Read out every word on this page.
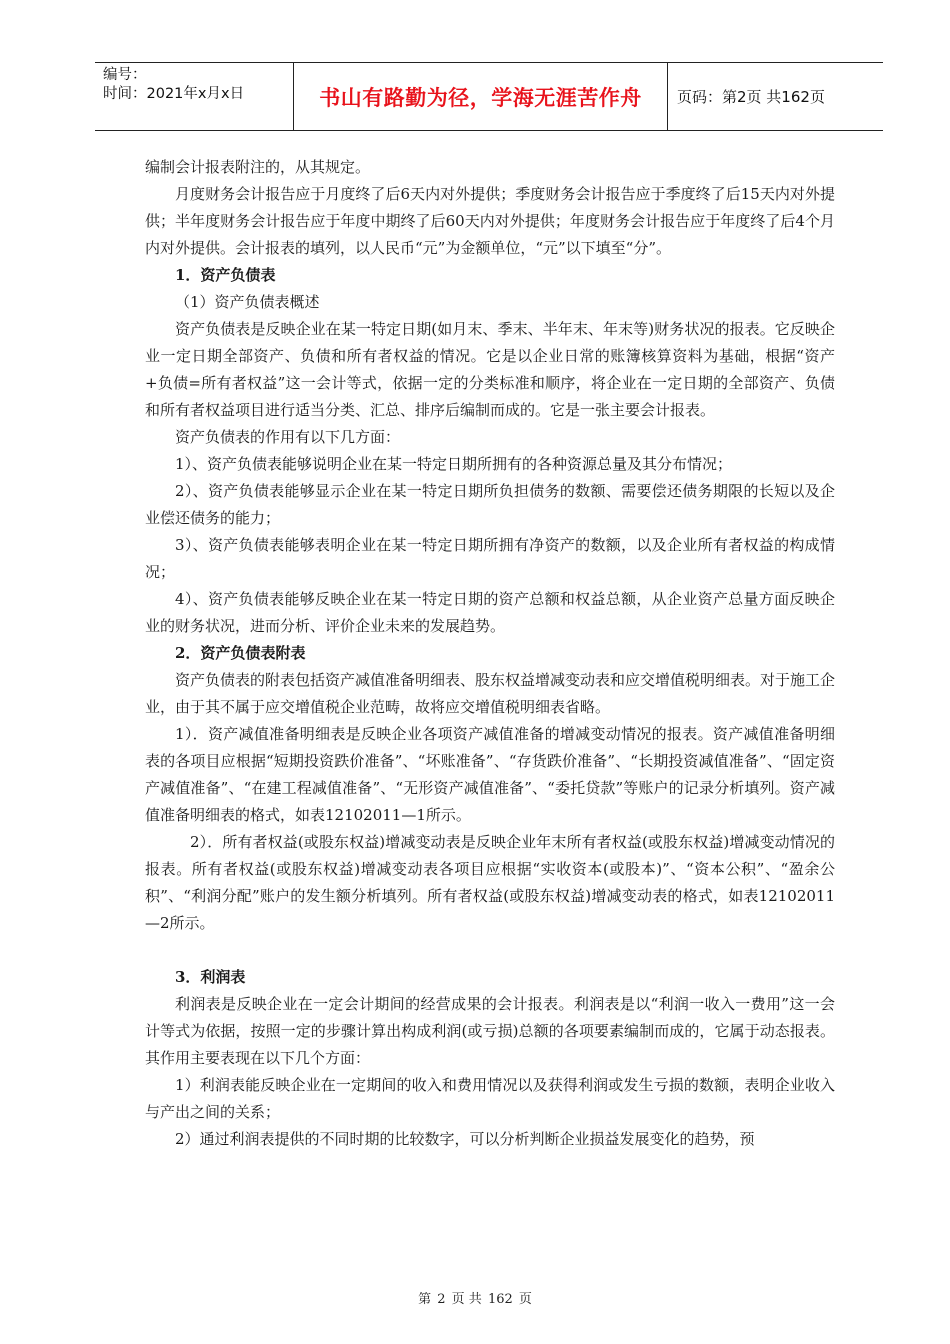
编号：
时间：2021年x月x日	书山有路勤为径，学海无涯苦作舟	页码：第2页 共162页

编制会计报表附注的，从其规定。

月度财务会计报告应于月度终了后6天内对外提供；季度财务会计报告应于季度终了后15天内对外提供；半年度财务会计报告应于年度中期终了后60天内对外提供；年度财务会计报告应于年度终了后4个月内对外提供。会计报表的填列，以人民币“元”为金额单位，“元”以下填至“分”。

1．资产负债表

（1）资产负债表概述

资产负债表是反映企业在某一特定日期(如月末、季末、半年末、年末等)财务状况的报表。它反映企业一定日期全部资产、负债和所有者权益的情况。它是以企业日常的账簿核算资料为基础，根据“资产+负债=所有者权益”这一会计等式，依据一定的分类标准和顺序，将企业在一定日期的全部资产、负债和所有者权益项目进行适当分类、汇总、排序后编制而成的。它是一张主要会计报表。

资产负债表的作用有以下几方面：

1）、资产负债表能够说明企业在某一特定日期所拥有的各种资源总量及其分布情况；

2）、资产负债表能够显示企业在某一特定日期所负担债务的数额、需要偿还债务期限的长短以及企业偿还债务的能力；

3）、资产负债表能够表明企业在某一特定日期所拥有净资产的数额，以及企业所有者权益的构成情况；

4）、资产负债表能够反映企业在某一特定日期的资产总额和权益总额，从企业资产总量方面反映企业的财务状况，进而分析、评价企业未来的发展趋势。

2．资产负债表附表

资产负债表的附表包括资产减值准备明细表、股东权益增减变动表和应交增值税明细表。对于施工企业，由于其不属于应交增值税企业范畴，故将应交增值税明细表省略。

1）．资产减值准备明细表是反映企业各项资产减值准备的增减变动情况的报表。资产减值准备明细表的各项目应根据“短期投资跌价准备”、“坏账准备”、“存货跌价准备”、“长期投资减值准备”、“固定资产减值准备”、“在建工程减值准备”、“无形资产减值准备”、“委托贷款”等账户的记录分析填列。资产减值准备明细表的格式，如表12102011—1所示。

2）．所有者权益(或股东权益)增减变动表是反映企业年末所有者权益(或股东权益)增减变动情况的报表。所有者权益(或股东权益)增减变动表各项目应根据“实收资本(或股本)”、“资本公积”、“盈余公积”、“利润分配”账户的发生额分析填列。所有者权益(或股东权益)增减变动表的格式，如表12102011—2所示。

3．利润表

利润表是反映企业在一定会计期间的经营成果的会计报表。利润表是以“利润一收入一费用”这一会计等式为依据，按照一定的步骤计算出构成利润(或亏损)总额的各项要素编制而成的，它属于动态报表。其作用主要表现在以下几个方面：

1）利润表能反映企业在一定期间的收入和费用情况以及获得利润或发生亏损的数额，表明企业收入与产出之间的关系；

2）通过利润表提供的不同时期的比较数字，可以分析判断企业损益发展变化的趋势，预

第 2 页 共 162 页
